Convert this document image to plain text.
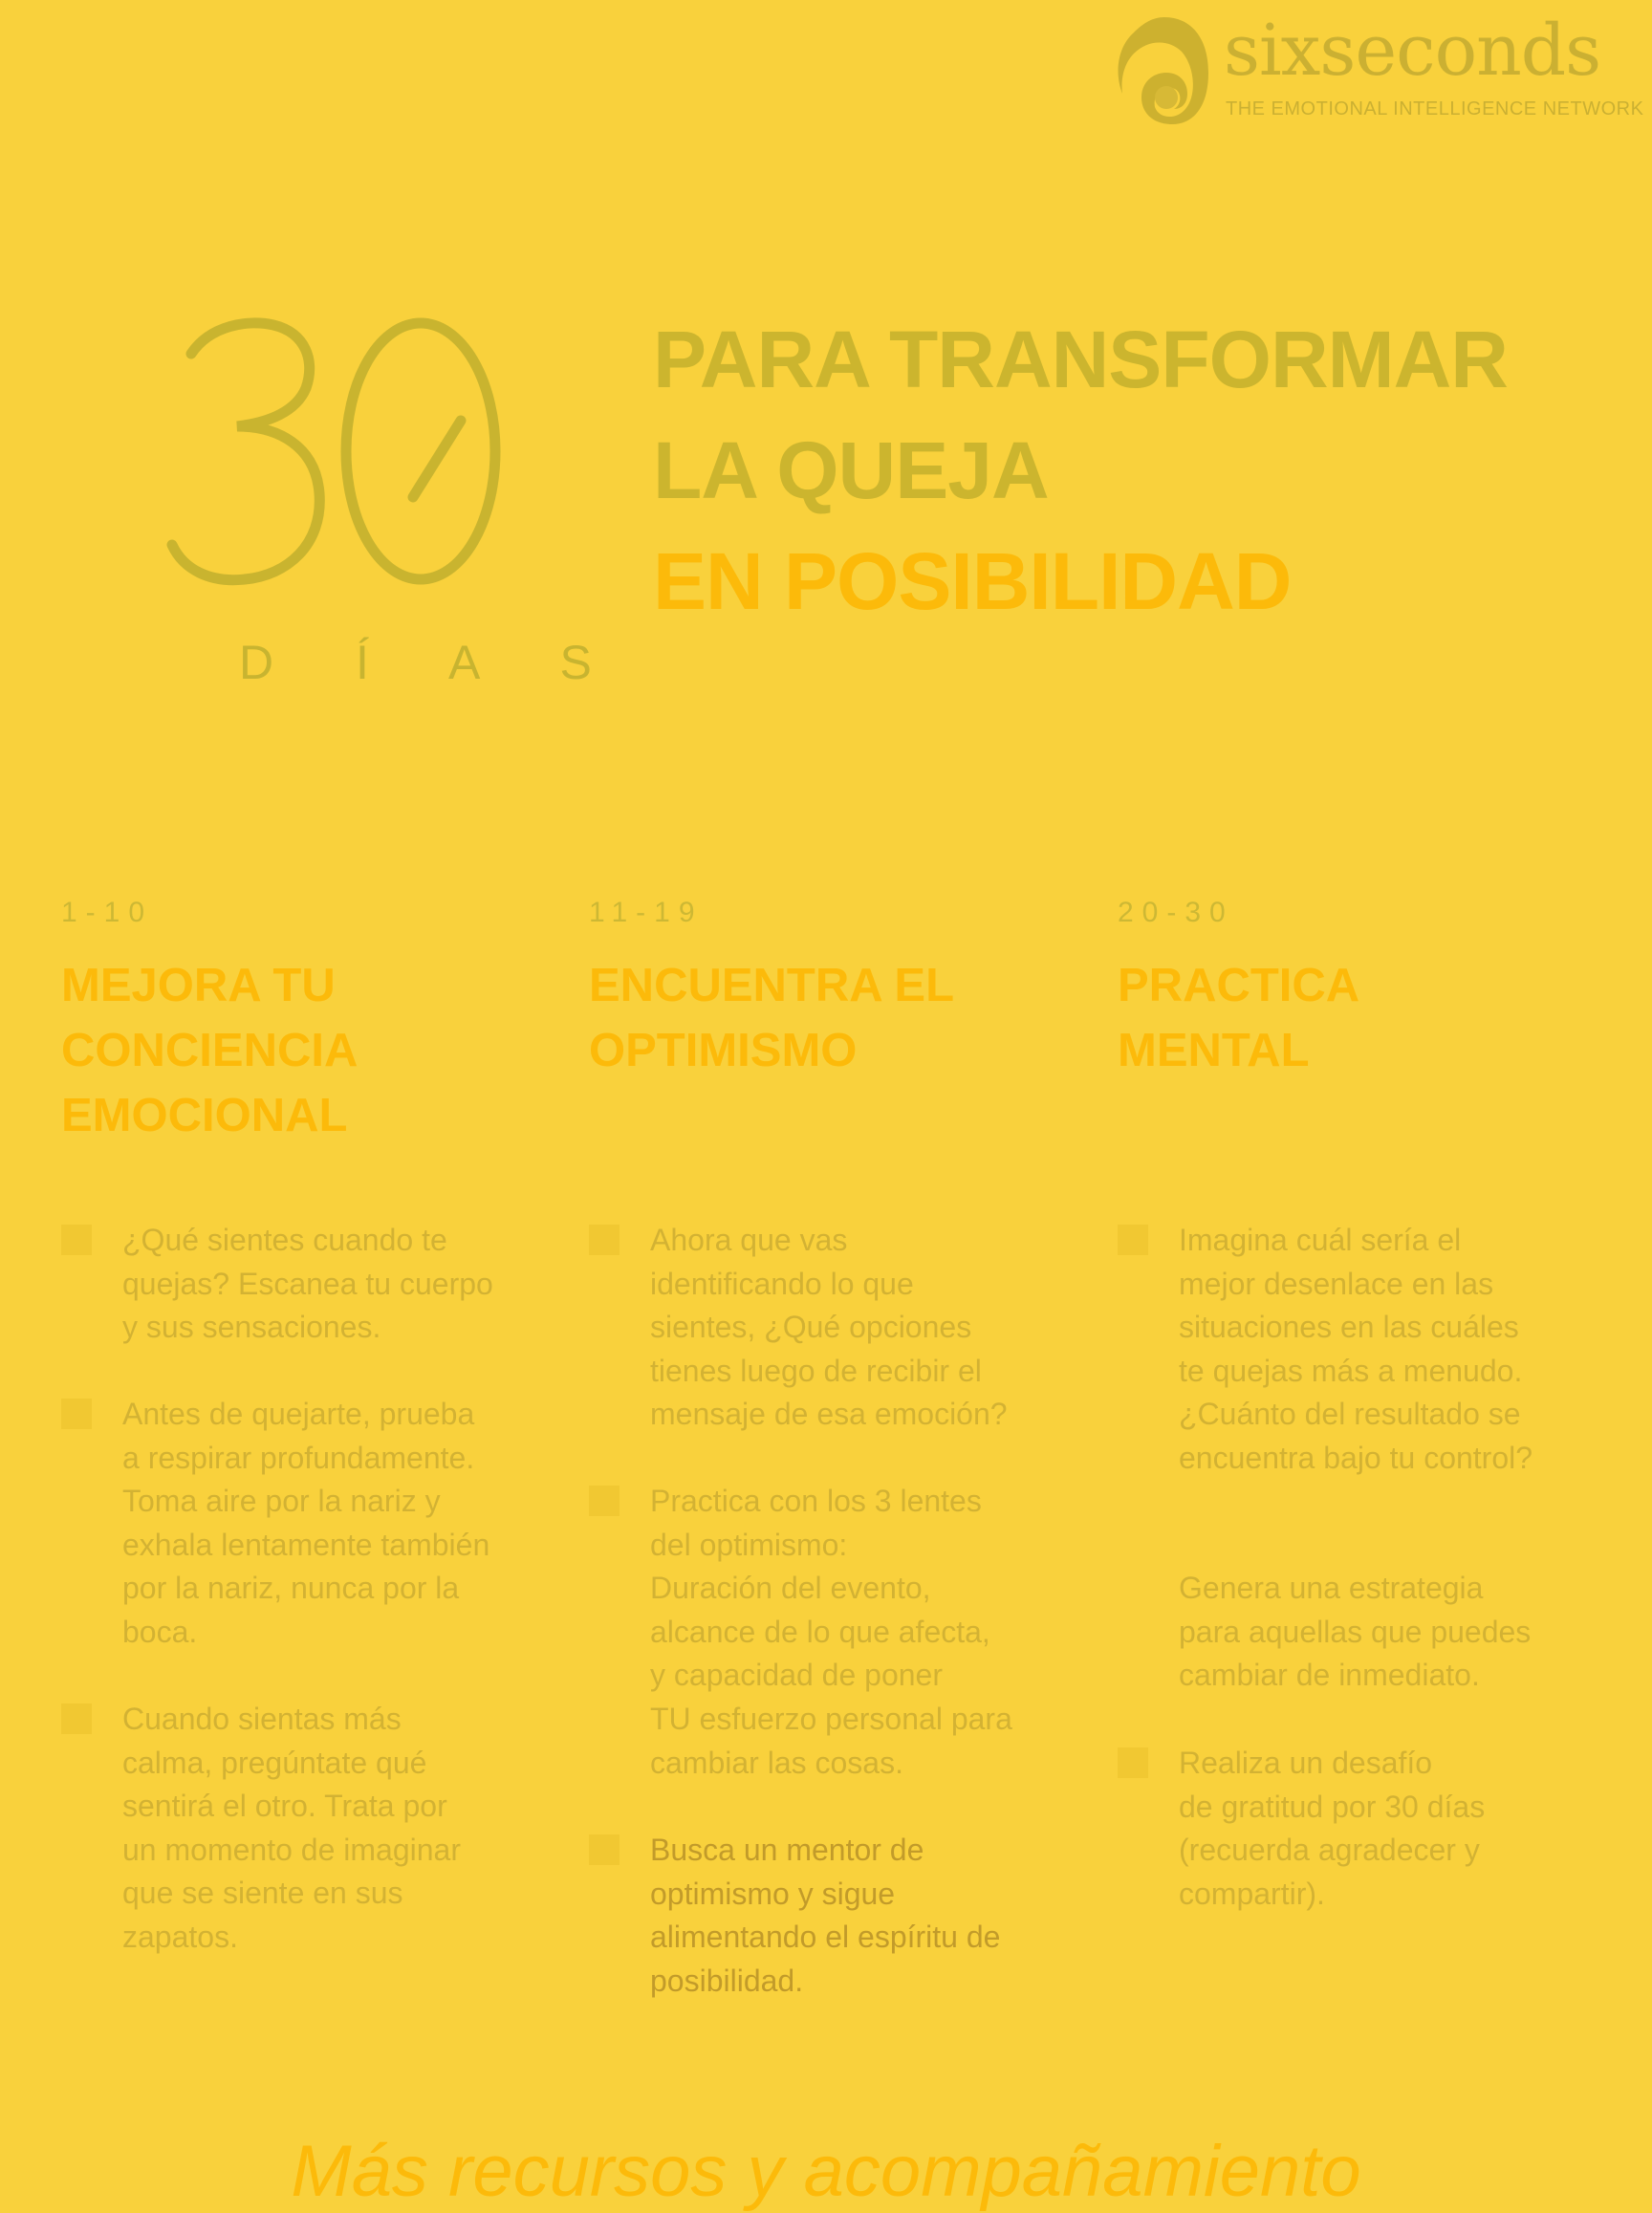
sixseconds
THE EMOTIONAL INTELLIGENCE NETWORK
D Í A S
PARA TRANSFORMAR
LA QUEJA
EN POSIBILIDAD

1-10

MEJORA TU
CONCIENCIA
EMOCIONAL
¿Qué sientes cuando te
quejas? Escanea tu cuerpo
y sus sensaciones.
Antes de quejarte, prueba
a respirar profundamente.
Toma aire por la nariz y
exhala lentamente también
por la nariz, nunca por la
boca.
Cuando sientas más
calma, pregúntate qué
sentirá el otro. Trata por
un momento de imaginar
que se siente en sus
zapatos.

11-19

ENCUENTRA EL
OPTIMISMO
Ahora que vas
identificando lo que
sientes, ¿Qué opciones
tienes luego de recibir el
mensaje de esa emoción?
Practica con los 3 lentes
del optimismo:
Duración del evento,
alcance de lo que afecta,
y capacidad de poner
TU esfuerzo personal para
cambiar las cosas.
Busca un mentor de
optimismo y sigue
alimentando el espíritu de
posibilidad.

20-30

PRACTICA
MENTAL
Imagina cuál sería el
mejor desenlace en las
situaciones en las cuáles
te quejas más a menudo.
¿Cuánto del resultado se
encuentra bajo tu control?
Genera una estrategia
para aquellas que puedes
cambiar de inmediato.
Realiza un desafío
de gratitud por 30 días
(recuerda agradecer y
compartir).
Más recursos y acompañamiento
